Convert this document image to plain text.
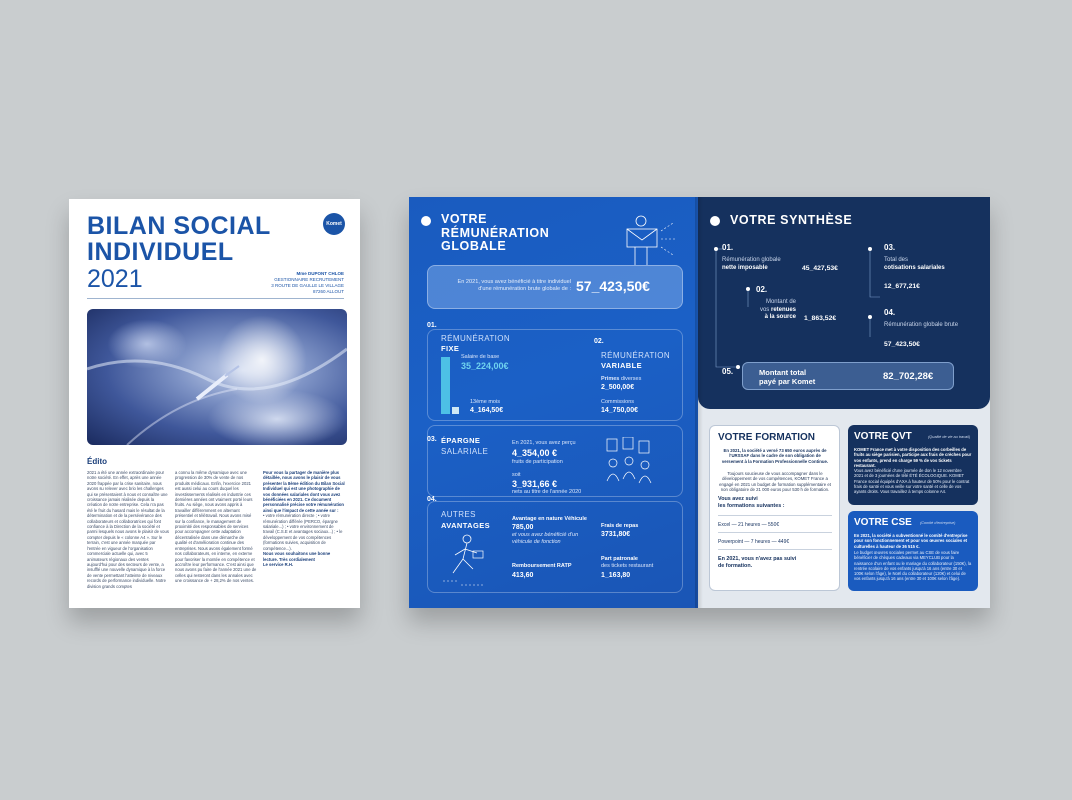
BILAN SOCIAL
INDIVIDUEL
2021
Komet
Mme DUPONT CHLOE
GESTIONNAIRE RECRUTEMENT
3 ROUTE DE GAULLE LE VILLAGE
87260 ALLOUT
Édito
2021 a été une année extraordinaire pour notre société. En effet, après une année 2020 frappée par la crise sanitaire, nous avons su relever avec brio les challenges qui se présentaient à nous et connaître une croissance jamais réalisée depuis la création de notre entreprise. Cela n'a pas été le fruit du hasard mais le résultat de la détermination et de la persévérance des collaborateurs et collaboratrices qui font confiance à la Direction de la société et parmi lesquels nous avons le plaisir de vous compter depuis le « colonne A4 ». Sur le terrain, c'est une année marquée par l'entrée en vigueur de l'organisation commerciale actuelle qui, avec 5 animateurs régionaux des ventes aujourd'hui pour des secteurs de vente, a insufflé une nouvelle dynamique à la force de vente permettant l'atteinte de niveaux records de performance individuelle. Notre division grands comptes
a connu la même dynamique avec une progression de 30% de vente de nos produits médicaux. Enfin, l'exercice 2021 est aussi celui au cours duquel les investissements réalisés en industrie ces dernières années ont vraiment porté leurs fruits. Au siège, nous avons appris à travailler différemment en alternant présentiel et télétravail. Nous avons misé sur la confiance, le management de proximité des responsables de services pour accompagner cette adaptation décentralisée dans une démarche de qualité et d'amélioration continue des entreprises. Nous avons également formé nos collaborateurs, en interne, en externe pour favoriser la montée en compétence et accroître leur performance. C'est ainsi que nous avons pu faire de l'année 2021 une de celles qui resteront dans les annales avec une croissance de + 28,2% de nos ventes.
Pour vous la partager de manière plus détaillée, nous avons le plaisir de vous présenter la 8ème édition du Bilan Social Individuel qui est une photographie de vos données salariales dont vous avez bénéficiées en 2021. Ce document personnalisé précise votre rémunération ainsi que l'impact de cette année sur :
• votre rémunération directe ; • votre rémunération différée (PERCO, épargne salariale...) ; • votre environnement de travail (C.S.E et avantages sociaux...) ; • le développement de vos compétences (formations suivies, acquisition de compétence...).
Nous vous souhaitons une bonne lecture. Très cordialement
Le service R.H.
VOTRE
RÉMUNÉRATION
GLOBALE
En 2021, vous avez bénéficié à titre individuel d'une rémunération brute globale de : 57_423,50€
01.
RÉMUNÉRATION
FIXE
Salaire de base
35_224,00€
13ème mois
4_164,50€
02.
RÉMUNÉRATION
VARIABLE
Primes diverses
2_500,00€
Commissions
14_750,00€
03. ÉPARGNE
SALARIALE
En 2021, vous avez perçu
4_354,00 €
fruits de participation
soit
3_931,66 €
nets au titre de l'année 2020
04.
AUTRES
AVANTAGES
Avantage en nature Véhicule
785,00
et vous avez bénéficié d'un véhicule de fonction
Remboursement RATP
413,60
Frais de repas
3731,80€
Part patronale
des tickets restaurant
1_163,80
VOTRE SYNTHÈSE
01.
Rémunération globale
nette imposable	45_427,53€
02.
Montant de
vos retenues
à la source 1_863,52€
03.
Total des
cotisations salariales
12_677,21€
04.
Rémunération globale brute
57_423,50€
05.	Montant total
payé par Komet	82_702,28€
VOTRE FORMATION
En 2021, la société a versé 73 650 euros auprès de l'URSSAF dans le cadre de son obligation de versement à la Formation Professionnelle Continue.
Toujours soucieuse de vous accompagner dans le développement de vos compétences, KOMET France a engagé en 2021 un budget de formation supplémentaire et non obligatoire de 21 000 euros pour 530 h de formation.
Vous avez suivi
les formations suivantes :
Excel — 21 heures — 550€
Powerpoint — 7 heures — 449€
En 2021, vous n'avez pas suivi
de formation.
VOTRE QVT	(Qualité de vie au travail)
KOMET France met à votre disposition des corbeilles de fruits au siège parisien, participe aux frais de crèches pour vos enfants, prend en charge 59 % de vos tickets restaurant.
Vous avez bénéficié d'une journée de don le 12 novembre 2021 et de 3 journées de télé ÉTÉ ÉCOLOGIQUE. KOMET France social équipés d'AXA à hauteur de 50% pour le contrat frais de santé et vous veille sur votre santé et celle de vos ayants droits. Vous travaillez à temps colonne A4.
VOTRE CSE (Comité d'entreprise)
En 2021, la société a subventionné le comité d'entreprise pour son fonctionnement et pour vos œuvres sociales et culturelles à hauteur de 36 515 €.
Le budget œuvres sociales permet au CSE de vous faire bénéficier de chèques cadeaux via MEYCLUB pour la naissance d'un enfant ou le mariage du collaborateur (150€), la rentrée scolaire de vos enfants jusqu'à 16 ans (entre 30 et 100€ selon l'âge), le Noël du collaborateur (120€) et celui de vos enfants jusqu'à 16 ans (entre 30 et 100€ selon l'âge).
